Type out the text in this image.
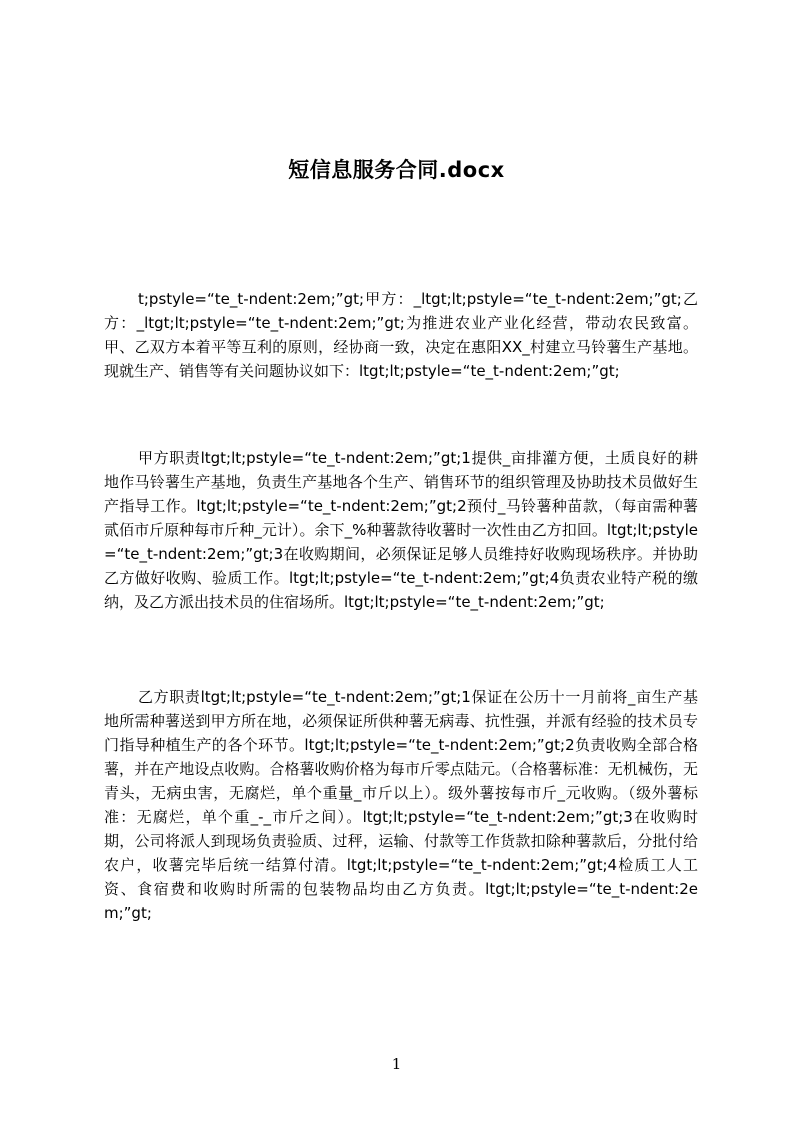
短信息服务合同.docx

t;pstyle=“te_t-ndent:2em;”gt;甲方：_ltgt;lt;pstyle=“te_t-ndent:2em;”gt;乙方：_ltgt;lt;pstyle=“te_t-ndent:2em;”gt;为推进农业产业化经营，带动农民致富。甲、乙双方本着平等互利的原则，经协商一致，决定在惠阳XX_村建立马铃薯生产基地。现就生产、销售等有关问题协议如下：ltgt;lt;pstyle=“te_t-ndent:2em;”gt;

甲方职责ltgt;lt;pstyle=“te_t-ndent:2em;”gt;1提供_亩排灌方便，土质良好的耕地作马铃薯生产基地，负责生产基地各个生产、销售环节的组织管理及协助技术员做好生产指导工作。ltgt;lt;pstyle=“te_t-ndent:2em;”gt;2预付_马铃薯种苗款，（每亩需种薯贰佰市斤原种每市斤种_元计）。余下_%种薯款待收薯时一次性由乙方扣回。ltgt;lt;pstyle=“te_t-ndent:2em;”gt;3在收购期间，必须保证足够人员维持好收购现场秩序。并协助乙方做好收购、验质工作。ltgt;lt;pstyle=“te_t-ndent:2em;”gt;4负责农业特产税的缴纳，及乙方派出技术员的住宿场所。ltgt;lt;pstyle=“te_t-ndent:2em;”gt;

乙方职责ltgt;lt;pstyle=“te_t-ndent:2em;”gt;1保证在公历十一月前将_亩生产基地所需种薯送到甲方所在地，必须保证所供种薯无病毒、抗性强，并派有经验的技术员专门指导种植生产的各个环节。ltgt;lt;pstyle=“te_t-ndent:2em;”gt;2负责收购全部合格薯，并在产地设点收购。合格薯收购价格为每市斤零点陆元。（合格薯标准：无机械伤，无青头，无病虫害，无腐烂，单个重量_市斤以上）。级外薯按每市斤_元收购。（级外薯标准：无腐烂，单个重_-_市斤之间）。ltgt;lt;pstyle=“te_t-ndent:2em;”gt;3在收购时期，公司将派人到现场负责验质、过秤，运输、付款等工作货款扣除种薯款后，分批付给农户，收薯完毕后统一结算付清。ltgt;lt;pstyle=“te_t-ndent:2em;”gt;4检质工人工资、食宿费和收购时所需的包装物品均由乙方负责。ltgt;lt;pstyle=“te_t-ndent:2em;”gt;

1
